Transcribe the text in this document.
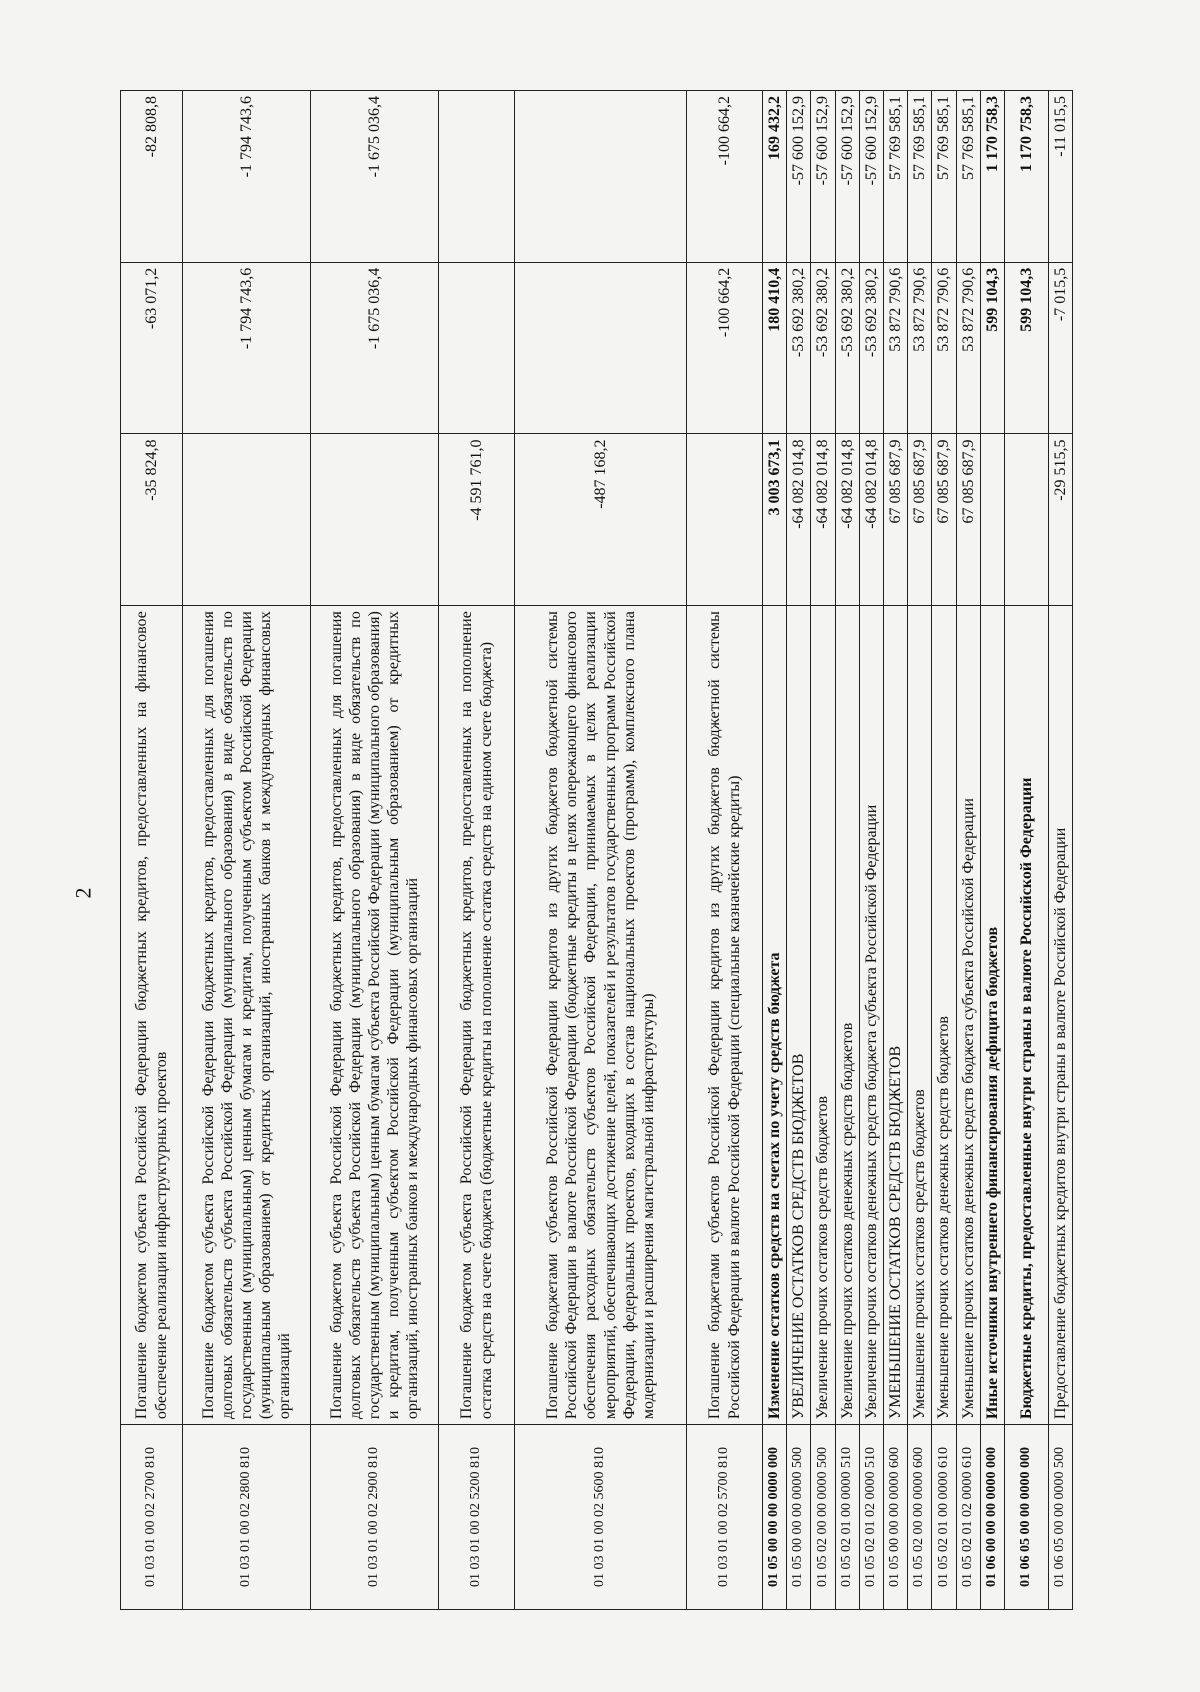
2
01 03 01 00 02 2700 810	Погашение бюджетом субъекта Российской Федерации бюджетных кредитов, предоставленных на финансовое обеспечение реализации инфраструктурных проектов	-35 824,8	-63 071,2	-82 808,8
01 03 01 00 02 2800 810	Погашение бюджетом субъекта Российской Федерации бюджетных кредитов, предоставленных для погашения долговых обязательств субъекта Российской Федерации (муниципального образования) в виде обязательств по государственным (муниципальным) ценным бумагам и кредитам, полученным субъектом Российской Федерации (муниципальным образованием) от кредитных организаций, иностранных банков и международных финансовых организаций		-1 794 743,6	-1 794 743,6
01 03 01 00 02 2900 810	Погашение бюджетом субъекта Российской Федерации бюджетных кредитов, предоставленных для погашения долговых обязательств субъекта Российской Федерации (муниципального образования) в виде обязательств по государственным (муниципальным) ценным бумагам субъекта Российской Федерации (муниципального образования) и кредитам, полученным субъектом Российской Федерации (муниципальным образованием) от кредитных организаций, иностранных банков и международных финансовых организаций		-1 675 036,4	-1 675 036,4
01 03 01 00 02 5200 810	Погашение бюджетом субъекта Российской Федерации бюджетных кредитов, предоставленных на пополнение остатка средств на счете бюджета (бюджетные кредиты на пополнение остатка средств на едином счете бюджета)	-4 591 761,0		
01 03 01 00 02 5600 810	Погашение бюджетами субъектов Российской Федерации кредитов из других бюджетов бюджетной системы Российской Федерации в валюте Российской Федерации (бюджетные кредиты в целях опережающего финансового обеспечения расходных обязательств субъектов Российской Федерации, принимаемых в целях реализации мероприятий, обеспечивающих достижение целей, показателей и результатов государственных программ Российской Федерации, федеральных проектов, входящих в состав национальных проектов (программ), комплексного плана модернизации и расширения магистральной инфраструктуры)	-487 168,2		
01 03 01 00 02 5700 810	Погашение бюджетами субъектов Российской Федерации кредитов из других бюджетов бюджетной системы Российской Федерации в валюте Российской Федерации (специальные казначейские кредиты)		-100 664,2	-100 664,2
01 05 00 00 00 0000 000	Изменение остатков средств на счетах по учету средств бюджета	3 003 673,1	180 410,4	169 432,2
01 05 00 00 00 0000 500	УВЕЛИЧЕНИЕ ОСТАТКОВ СРЕДСТВ БЮДЖЕТОВ	-64 082 014,8	-53 692 380,2	-57 600 152,9
01 05 02 00 00 0000 500	Увеличение прочих остатков средств бюджетов	-64 082 014,8	-53 692 380,2	-57 600 152,9
01 05 02 01 00 0000 510	Увеличение прочих остатков денежных средств бюджетов	-64 082 014,8	-53 692 380,2	-57 600 152,9
01 05 02 01 02 0000 510	Увеличение прочих остатков денежных средств бюджета субъекта Российской Федерации	-64 082 014,8	-53 692 380,2	-57 600 152,9
01 05 00 00 00 0000 600	УМЕНЬШЕНИЕ ОСТАТКОВ СРЕДСТВ БЮДЖЕТОВ	67 085 687,9	53 872 790,6	57 769 585,1
01 05 02 00 00 0000 600	Уменьшение прочих остатков средств бюджетов	67 085 687,9	53 872 790,6	57 769 585,1
01 05 02 01 00 0000 610	Уменьшение прочих остатков денежных средств бюджетов	67 085 687,9	53 872 790,6	57 769 585,1
01 05 02 01 02 0000 610	Уменьшение прочих остатков денежных средств бюджета субъекта Российской Федерации	67 085 687,9	53 872 790,6	57 769 585,1
01 06 00 00 00 0000 000	Иные источники внутреннего финансирования дефицита бюджетов		599 104,3	1 170 758,3
01 06 05 00 00 0000 000	Бюджетные кредиты, предоставленные внутри страны в валюте Российской Федерации		599 104,3	1 170 758,3
01 06 05 00 00 0000 500	Предоставление бюджетных кредитов внутри страны в валюте Российской Федерации	-29 515,5	-7 015,5	-11 015,5
